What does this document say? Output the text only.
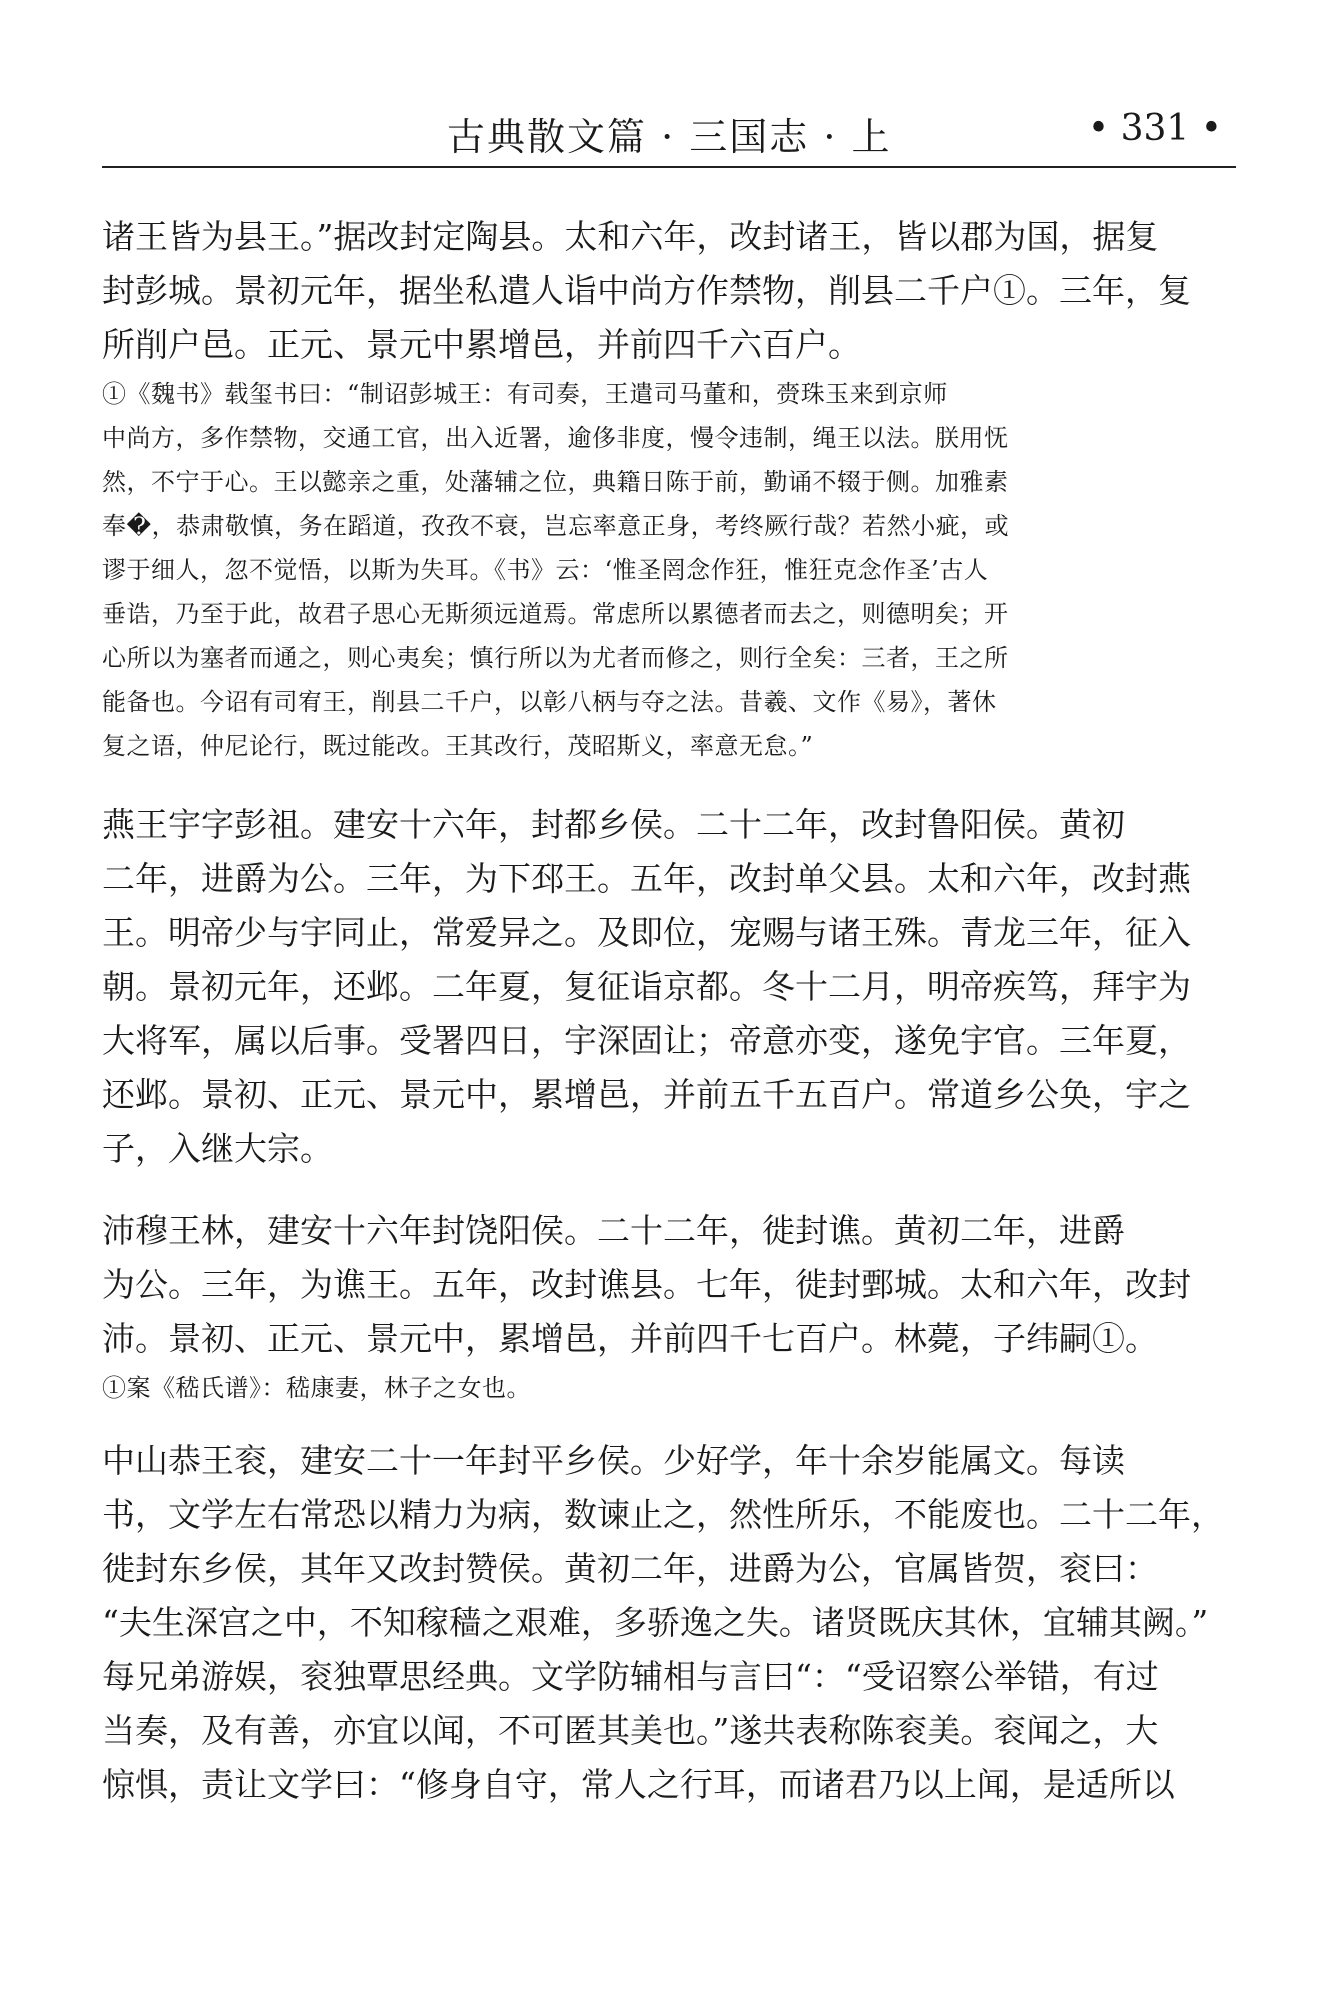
古典散文篇 · 三国志 · 上	• 331 •

诸王皆为县王。”据改封定陶县。太和六年，改封诸王，皆以郡为国，据复
封彭城。景初元年，据坐私遣人诣中尚方作禁物，削县二千户①。三年，复
所削户邑。正元、景元中累增邑，并前四千六百户。

①《魏书》载玺书曰：“制诏彭城王：有司奏，王遣司马董和，赍珠玉来到京师
中尚方，多作禁物，交通工官，出入近署，逾侈非度，慢令违制，绳王以法。朕用怃
然，不宁于心。王以懿亲之重，处藩辅之位，典籍日陈于前，勤诵不辍于侧。加雅素
奉�，恭肃敬慎，务在蹈道，孜孜不衰，岂忘率意正身，考终厥行哉？若然小疵，或
谬于细人，忽不觉悟，以斯为失耳。《书》云：‘惟圣罔念作狂，惟狂克念作圣’古人
垂诰，乃至于此，故君子思心无斯须远道焉。常虑所以累德者而去之，则德明矣；开
心所以为塞者而通之，则心夷矣；慎行所以为尤者而修之，则行全矣：三者，王之所
能备也。今诏有司宥王，削县二千户，以彰八柄与夺之法。昔羲、文作《易》，著休
复之语，仲尼论行，既过能改。王其改行，茂昭斯义，率意无怠。”

燕王宇字彭祖。建安十六年，封都乡侯。二十二年，改封鲁阳侯。黄初
二年，进爵为公。三年，为下邳王。五年，改封单父县。太和六年，改封燕
王。明帝少与宇同止，常爱异之。及即位，宠赐与诸王殊。青龙三年，征入
朝。景初元年，还邺。二年夏，复征诣京都。冬十二月，明帝疾笃，拜宇为
大将军，属以后事。受署四日，宇深固让；帝意亦变，遂免宇官。三年夏，
还邺。景初、正元、景元中，累增邑，并前五千五百户。常道乡公奂，宇之
子，入继大宗。

沛穆王林，建安十六年封饶阳侯。二十二年，徙封谯。黄初二年，进爵
为公。三年，为谯王。五年，改封谯县。七年，徙封鄄城。太和六年，改封
沛。景初、正元、景元中，累增邑，并前四千七百户。林薨，子纬嗣①。

①案《嵇氏谱》：嵇康妻，林子之女也。

中山恭王衮，建安二十一年封平乡侯。少好学，年十余岁能属文。每读
书，文学左右常恐以精力为病，数谏止之，然性所乐，不能废也。二十二年，
徙封东乡侯，其年又改封赞侯。黄初二年，进爵为公，官属皆贺，衮曰：
“夫生深宫之中，不知稼穑之艰难，多骄逸之失。诸贤既庆其休，宜辅其阙。”
每兄弟游娱，衮独覃思经典。文学防辅相与言曰“：“受诏察公举错，有过
当奏，及有善，亦宜以闻，不可匿其美也。”遂共表称陈衮美。衮闻之，大
惊惧，责让文学曰：“修身自守，常人之行耳，而诸君乃以上闻，是适所以
